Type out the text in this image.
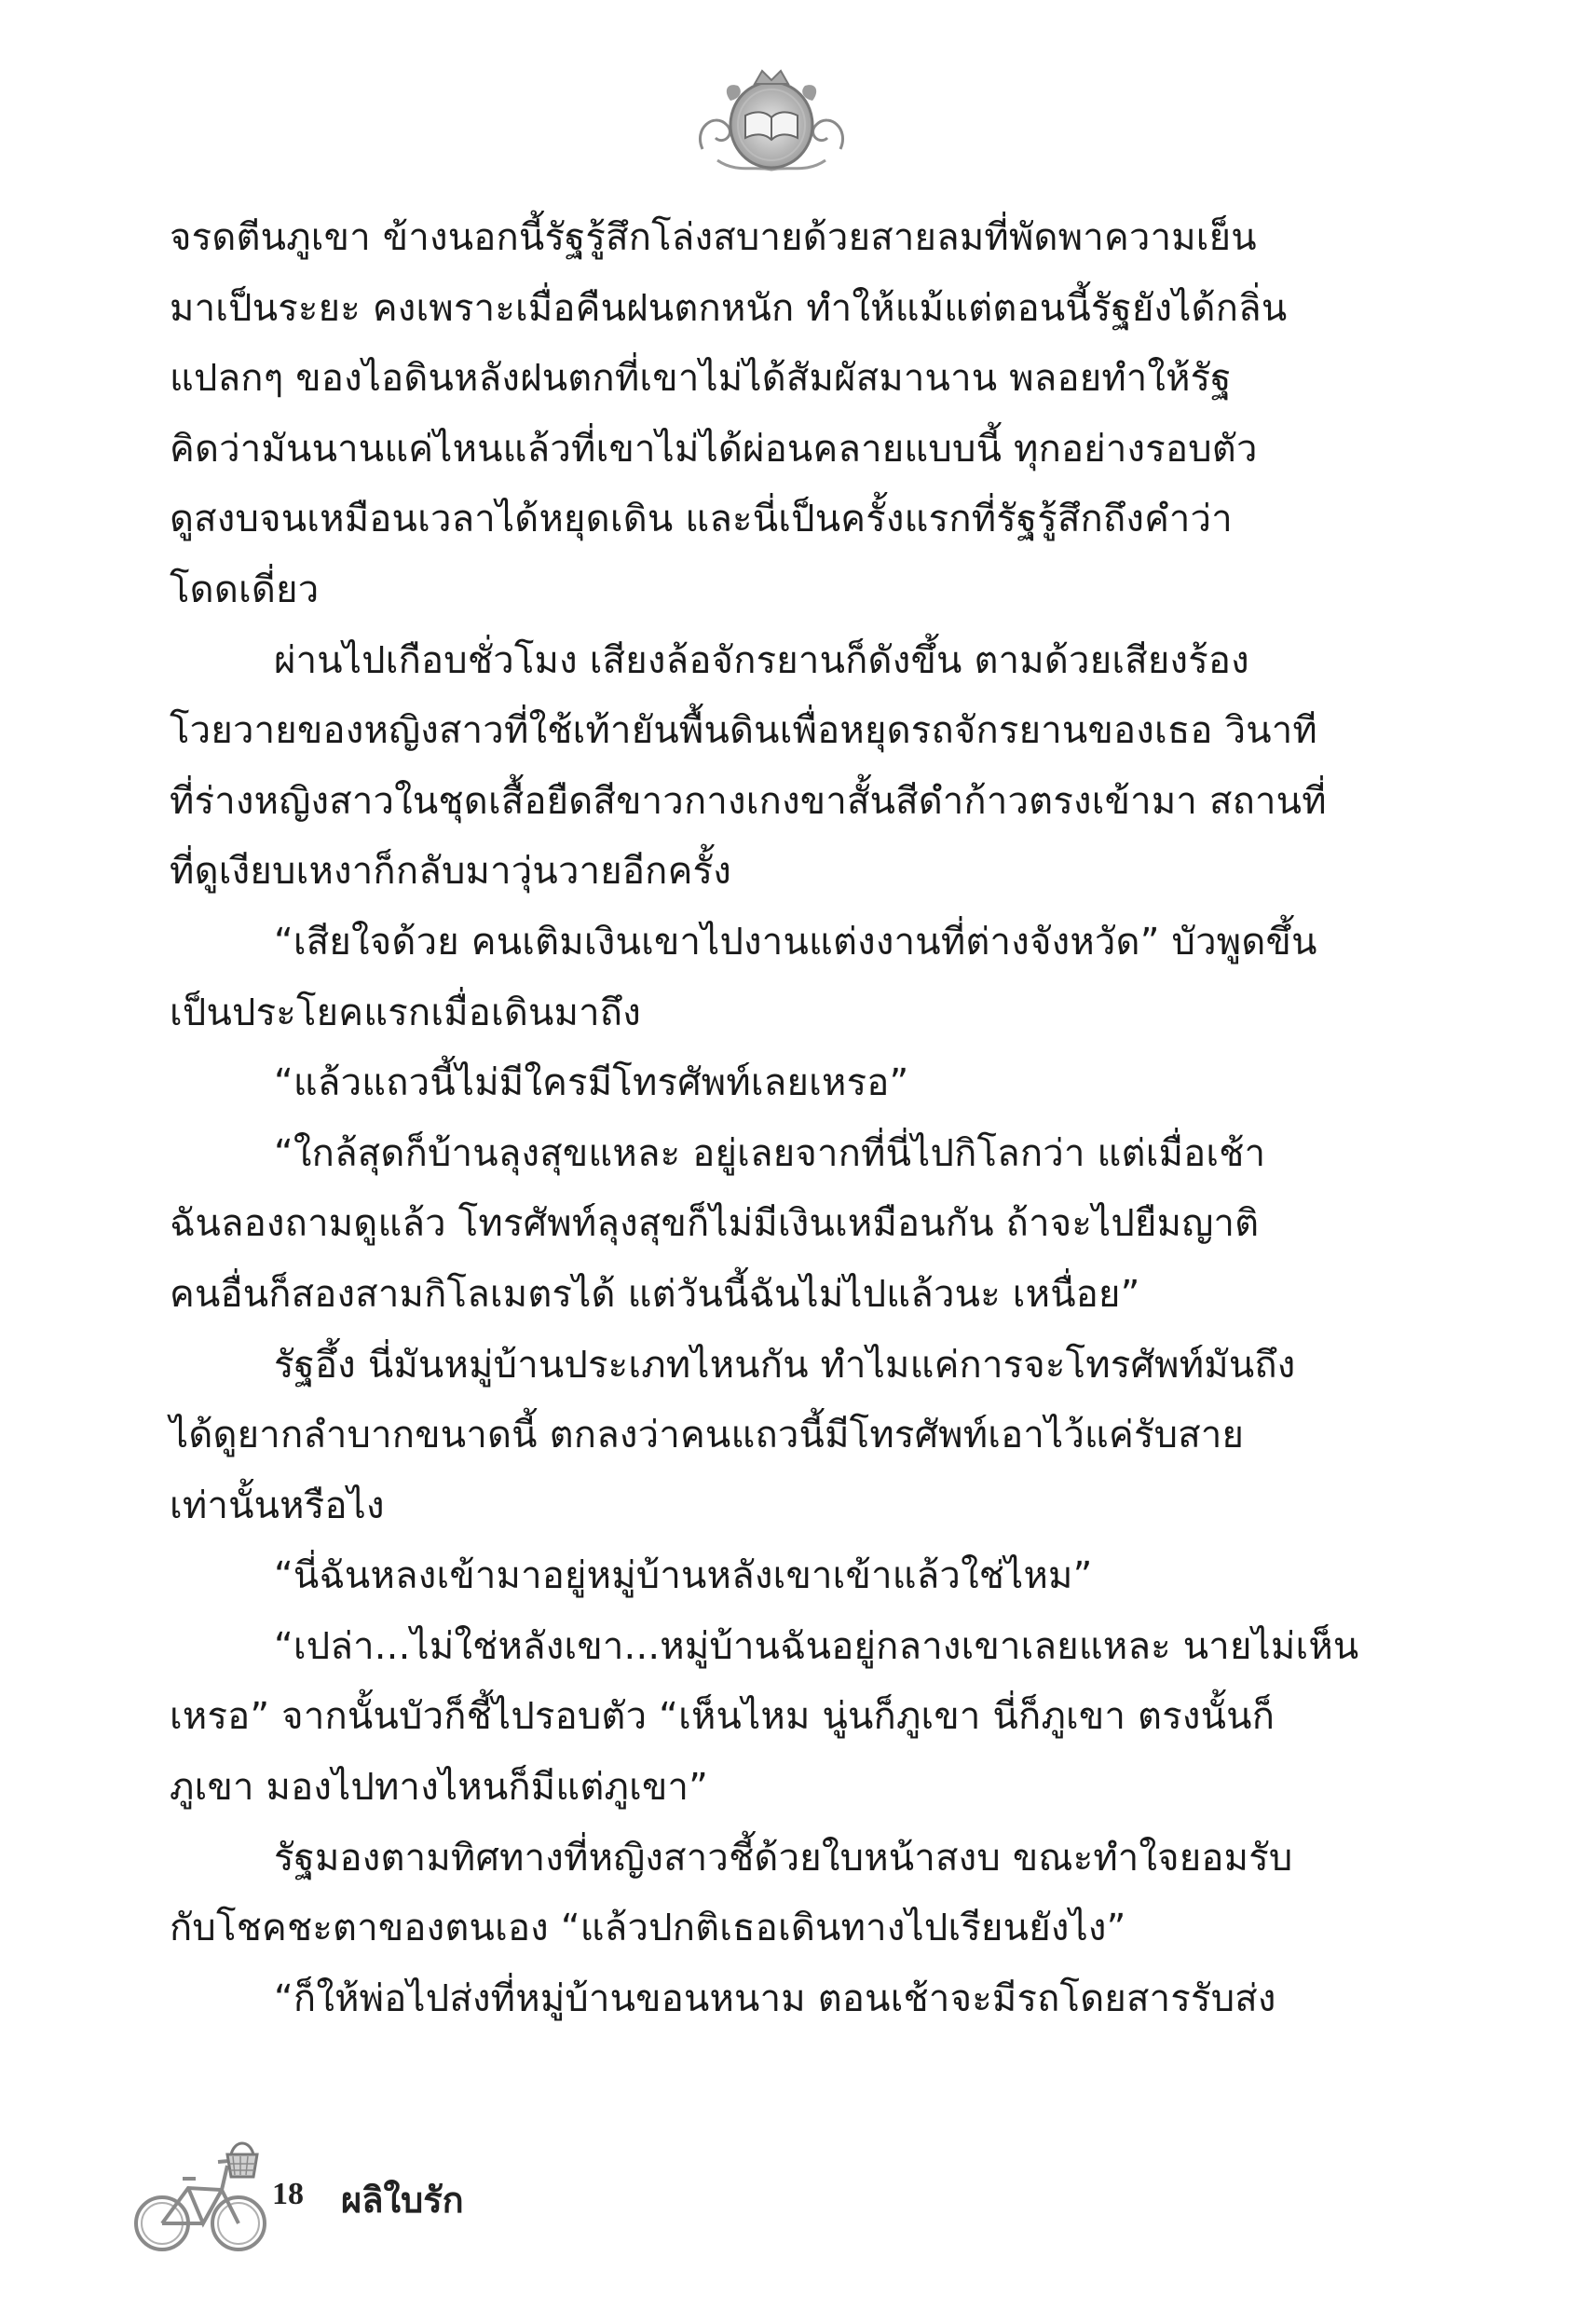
จรดตีนภูเขา ข้างนอกนี้รัฐรู้สึกโล่งสบายด้วยสายลมที่พัดพาความเย็น
มาเป็นระยะ คงเพราะเมื่อคืนฝนตกหนัก ทำให้แม้แต่ตอนนี้รัฐยังได้กลิ่น
แปลกๆ ของไอดินหลังฝนตกที่เขาไม่ได้สัมผัสมานาน พลอยทำให้รัฐ
คิดว่ามันนานแค่ไหนแล้วที่เขาไม่ได้ผ่อนคลายแบบนี้ ทุกอย่างรอบตัว
ดูสงบจนเหมือนเวลาได้หยุดเดิน และนี่เป็นครั้งแรกที่รัฐรู้สึกถึงคำว่า
โดดเดี่ยว
ผ่านไปเกือบชั่วโมง เสียงล้อจักรยานก็ดังขึ้น ตามด้วยเสียงร้อง
โวยวายของหญิงสาวที่ใช้เท้ายันพื้นดินเพื่อหยุดรถจักรยานของเธอ วินาที
ที่ร่างหญิงสาวในชุดเสื้อยืดสีขาวกางเกงขาสั้นสีดำก้าวตรงเข้ามา สถานที่
ที่ดูเงียบเหงาก็กลับมาวุ่นวายอีกครั้ง
“เสียใจด้วย คนเติมเงินเขาไปงานแต่งงานที่ต่างจังหวัด” บัวพูดขึ้น
เป็นประโยคแรกเมื่อเดินมาถึง
“แล้วแถวนี้ไม่มีใครมีโทรศัพท์เลยเหรอ”
“ใกล้สุดก็บ้านลุงสุขแหละ อยู่เลยจากที่นี่ไปกิโลกว่า แต่เมื่อเช้า
ฉันลองถามดูแล้ว โทรศัพท์ลุงสุขก็ไม่มีเงินเหมือนกัน ถ้าจะไปยืมญาติ
คนอื่นก็สองสามกิโลเมตรได้ แต่วันนี้ฉันไม่ไปแล้วนะ เหนื่อย”
รัฐอึ้ง นี่มันหมู่บ้านประเภทไหนกัน ทำไมแค่การจะโทรศัพท์มันถึง
ได้ดูยากลำบากขนาดนี้ ตกลงว่าคนแถวนี้มีโทรศัพท์เอาไว้แค่รับสาย
เท่านั้นหรือไง
“นี่ฉันหลงเข้ามาอยู่หมู่บ้านหลังเขาเข้าแล้วใช่ไหม”
“เปล่า...ไม่ใช่หลังเขา...หมู่บ้านฉันอยู่กลางเขาเลยแหละ นายไม่เห็น
เหรอ” จากนั้นบัวก็ชี้ไปรอบตัว “เห็นไหม นู่นก็ภูเขา นี่ก็ภูเขา ตรงนั้นก็
ภูเขา มองไปทางไหนก็มีแต่ภูเขา”
รัฐมองตามทิศทางที่หญิงสาวชี้ด้วยใบหน้าสงบ ขณะทำใจยอมรับ
กับโชคชะตาของตนเอง “แล้วปกติเธอเดินทางไปเรียนยังไง”
“ก็ให้พ่อไปส่งที่หมู่บ้านขอนหนาม ตอนเช้าจะมีรถโดยสารรับส่ง
18 ผลิใบรัก
